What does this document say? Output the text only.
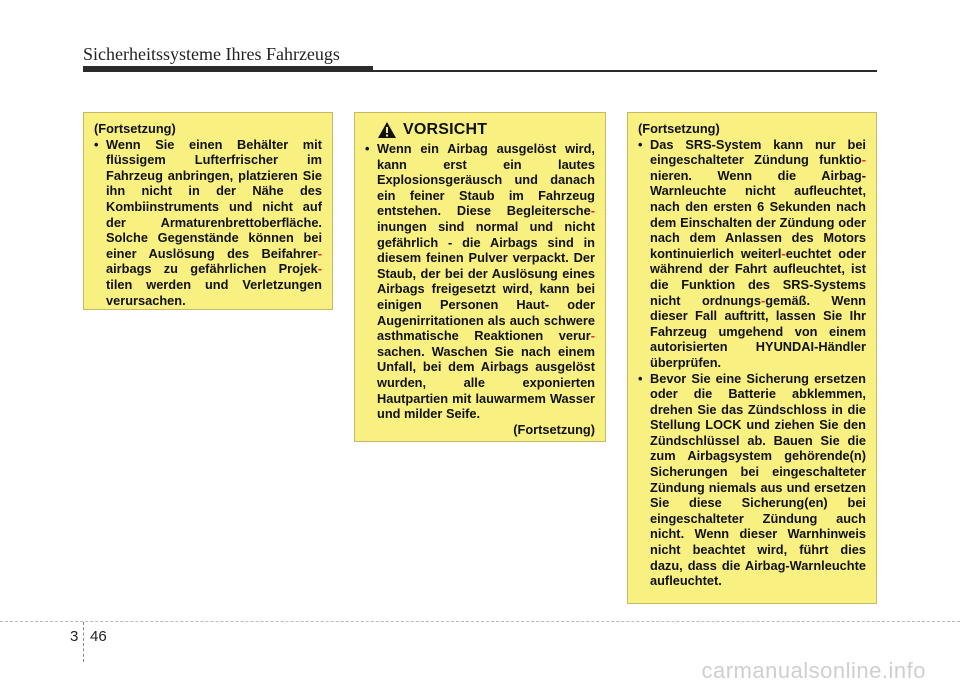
Sicherheitssysteme Ihres Fahrzeugs
(Fortsetzung)

• Wenn Sie einen Behälter mit flüssigem Lufterfrischer im Fahrzeug anbringen, platzieren Sie ihn nicht in der Nähe des Kombiinstruments und nicht auf der Armaturenbrettoberfläche. Solche Gegenstände können bei einer Auslösung des Beifahrer-airbags zu gefährlichen Projek-tilen werden und Verletzungen verursachen.

VORSICHT

• Wenn ein Airbag ausgelöst wird, kann erst ein lautes Explosionsgeräusch und danach ein feiner Staub im Fahrzeug entstehen. Diese Begleitersche-inungen sind normal und nicht gefährlich - die Airbags sind in diesem feinen Pulver verpackt. Der Staub, der bei der Auslösung eines Airbags freigesetzt wird, kann bei einigen Personen Haut- oder Augenirritationen als auch schwere asthmatische Reaktionen verur-sachen. Waschen Sie nach einem Unfall, bei dem Airbags ausgelöst wurden, alle exponierten Hautpartien mit lauwarmem Wasser und milder Seife.

(Fortsetzung)
(Fortsetzung)

• Das SRS-System kann nur bei eingeschalteter Zündung funktio-nieren. Wenn die Airbag-Warnleuchte nicht aufleuchtet, nach den ersten 6 Sekunden nach dem Einschalten der Zündung oder nach dem Anlassen des Motors kontinuierlich weiterl-euchtet oder während der Fahrt aufleuchtet, ist die Funktion des SRS-Systems nicht ordnungs-gemäß. Wenn dieser Fall auftritt, lassen Sie Ihr Fahrzeug umgehend von einem autorisierten HYUNDAI-Händler überprüfen.

• Bevor Sie eine Sicherung ersetzen oder die Batterie abklemmen, drehen Sie das Zündschloss in die Stellung LOCK und ziehen Sie den Zündschlüssel ab. Bauen Sie die zum Airbagsystem gehörende(n) Sicherungen bei eingeschalteter Zündung niemals aus und ersetzen Sie diese Sicherung(en) bei eingeschalteter Zündung auch nicht. Wenn dieser Warnhinweis nicht beachtet wird, führt dies dazu, dass die Airbag-Warnleuchte aufleuchtet.

3 46
carmanualsonline.info
